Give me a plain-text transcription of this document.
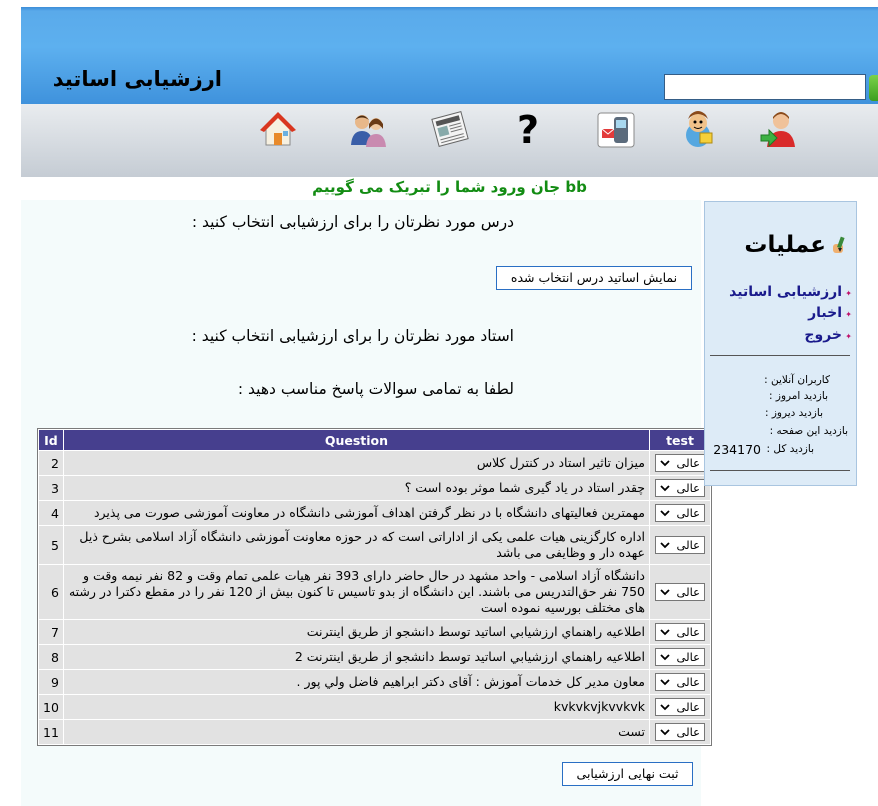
ارزشیابی اساتید
?
bb جان ورود شما را تبریک می گوییم
درس مورد نظرتان را برای ارزشیابی انتخاب کنید :
نمایش اساتید درس انتخاب شده
استاد مورد نظرتان را برای ارزشیابی انتخاب کنید :
لطفا به تمامی سوالات پاسخ مناسب دهید :
ثبت نهایی ارزشیابی
Id	Question	test
2	میزان تاثیر استاد در کنترل کلاس	عالی

3	چقدر استاد در یاد گیری شما موثر بوده است ؟	عالی

4	مهمترین فعالیتهای دانشگاه با در نظر گرفتن اهداف آموزشی دانشگاه در معاونت آموزشی صورت می پذیرد	عالی

5	اداره کارگزینی هیات علمی یکی از اداراتی است که در حوزه معاونت آموزشی دانشگاه آزاد اسلامی بشرح ذیل عهده دار و وظایفی می باشد	عالی

6	دانشگاه آزاد اسلامی - واحد مشهد در حال حاضر دارای 393 نفر هیات علمی تمام وقت و 82 نفر نیمه وقت و 750 نفر حق‌التدریس می باشند. این دانشگاه از بدو تاسیس تا کنون بیش از 120 نفر را در مقطع دکترا در رشته های مختلف بورسیه نموده است	عالی

7	اطلاعيه راهنماي ارزشيابي اساتيد توسط دانشجو از طريق اينترنت	عالی

8	اطلاعيه راهنماي ارزشيابي اساتيد توسط دانشجو از طريق اينترنت 2	عالی

9	معاون مدير كل خدمات آموزش : آقای دكتر ابراهيم فاضل ولي پور .	عالی

10	kvkvkvjkvvkvk	عالی

11	تست	عالی
عملیات
✦
ارزشیابی اساتید
✦
اخبار
✦
خروج
کاربران آنلاین :
بازدید امروز :
بازدید دیروز :
بازدید این صفحه :
بازدید کل :
234170
